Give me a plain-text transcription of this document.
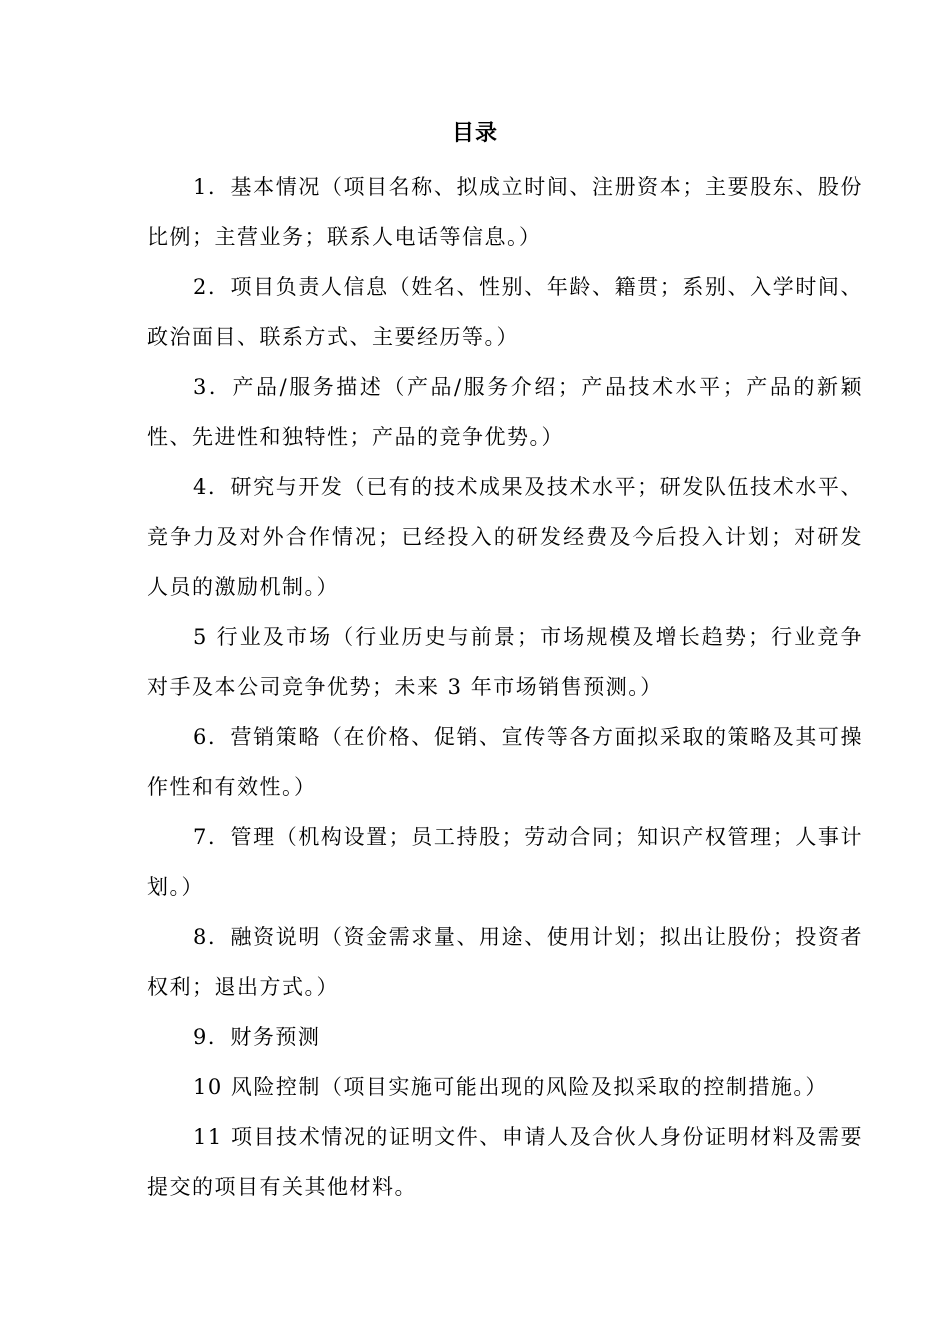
目录

1．基本情况（项目名称、拟成立时间、注册资本；主要股东、股份比例；主营业务；联系人电话等信息。）

2．项目负责人信息（姓名、性别、年龄、籍贯；系别、入学时间、政治面目、联系方式、主要经历等。）

3．产品/服务描述（产品/服务介绍；产品技术水平；产品的新颖性、先进性和独特性；产品的竞争优势。）

4．研究与开发（已有的技术成果及技术水平；研发队伍技术水平、竞争力及对外合作情况；已经投入的研发经费及今后投入计划；对研发人员的激励机制。）

5 行业及市场（行业历史与前景；市场规模及增长趋势；行业竞争对手及本公司竞争优势；未来 3 年市场销售预测。）

6．营销策略（在价格、促销、宣传等各方面拟采取的策略及其可操作性和有效性。）

7．管理（机构设置；员工持股；劳动合同；知识产权管理；人事计划。）

8．融资说明（资金需求量、用途、使用计划；拟出让股份；投资者权利；退出方式。）

9．财务预测

10 风险控制（项目实施可能出现的风险及拟采取的控制措施。）

11 项目技术情况的证明文件、申请人及合伙人身份证明材料及需要提交的项目有关其他材料。
